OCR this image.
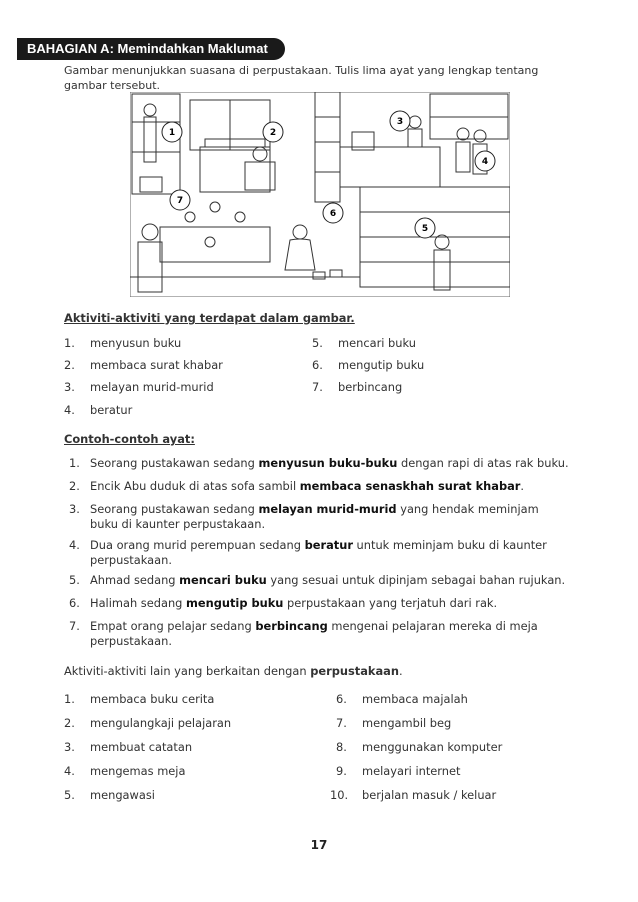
BAHAGIAN A: Memindahkan Maklumat
Gambar menunjukkan suasana di perpustakaan. Tulis lima ayat yang lengkap tentang gambar tersebut.
1	2
3
4
5
6
7
Aktiviti-aktiviti yang terdapat dalam gambar.
1. menyusun buku
2. membaca surat khabar
3. melayan murid-murid
4. beratur
5. mencari buku
6. mengutip buku
7. berbincang
Contoh-contoh ayat:
1. Seorang pustakawan sedang menyusun buku-buku dengan rapi di atas rak buku.
2. Encik Abu duduk di atas sofa sambil membaca senaskhah surat khabar.
3. Seorang pustakawan sedang melayan murid-murid yang hendak meminjam buku di kaunter perpustakaan.
4. Dua orang murid perempuan sedang beratur untuk meminjam buku di kaunter perpustakaan.
5. Ahmad sedang mencari buku yang sesuai untuk dipinjam sebagai bahan rujukan.
6. Halimah sedang mengutip buku perpustakaan yang terjatuh dari rak.
7. Empat orang pelajar sedang berbincang mengenai pelajaran mereka di meja perpustakaan.
Aktiviti-aktiviti lain yang berkaitan dengan perpustakaan.
1. membaca buku cerita
2. mengulangkaji pelajaran
3. membuat catatan
4. mengemas meja
5. mengawasi
6. membaca majalah
7. mengambil beg
8. menggunakan komputer
9. melayari internet
10. berjalan masuk / keluar
17
